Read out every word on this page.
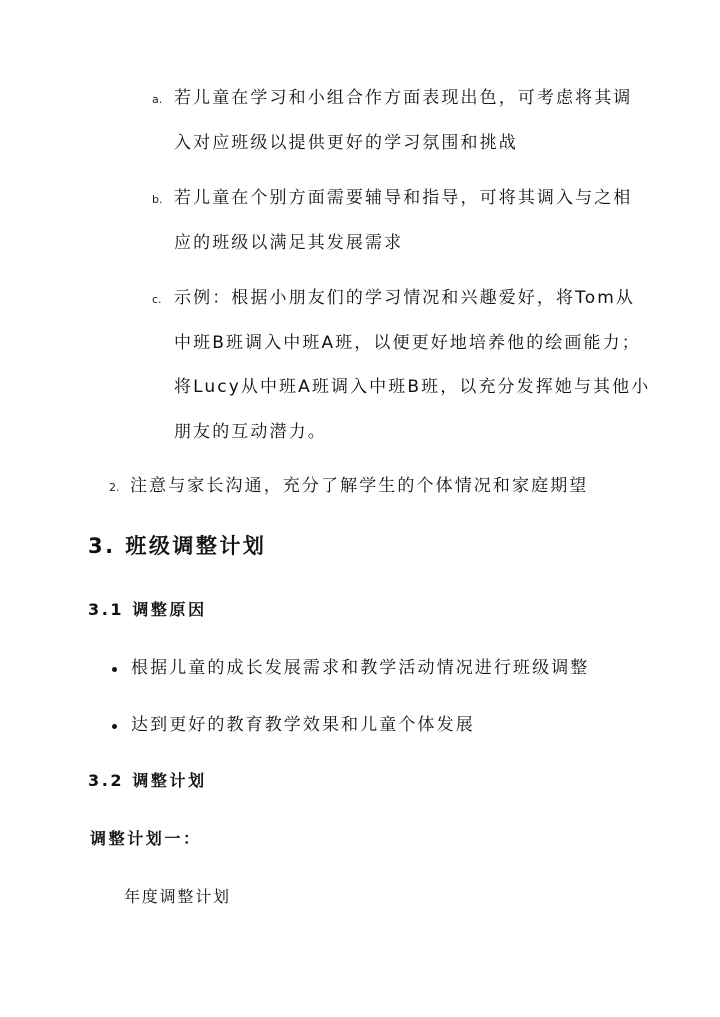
a. 若儿童在学习和小组合作方面表现出色，可考虑将其调
入对应班级以提供更好的学习氛围和挑战
b. 若儿童在个别方面需要辅导和指导，可将其调入与之相
应的班级以满足其发展需求
c. 示例：根据小朋友们的学习情况和兴趣爱好，将Tom从
中班B班调入中班A班，以便更好地培养他的绘画能力；
将Lucy从中班A班调入中班B班，以充分发挥她与其他小
朋友的互动潜力。
2. 注意与家长沟通，充分了解学生的个体情况和家庭期望
3. 班级调整计划
3.1 调整原因
根据儿童的成长发展需求和教学活动情况进行班级调整
达到更好的教育教学效果和儿童个体发展
3.2 调整计划
调整计划一：
年度调整计划
